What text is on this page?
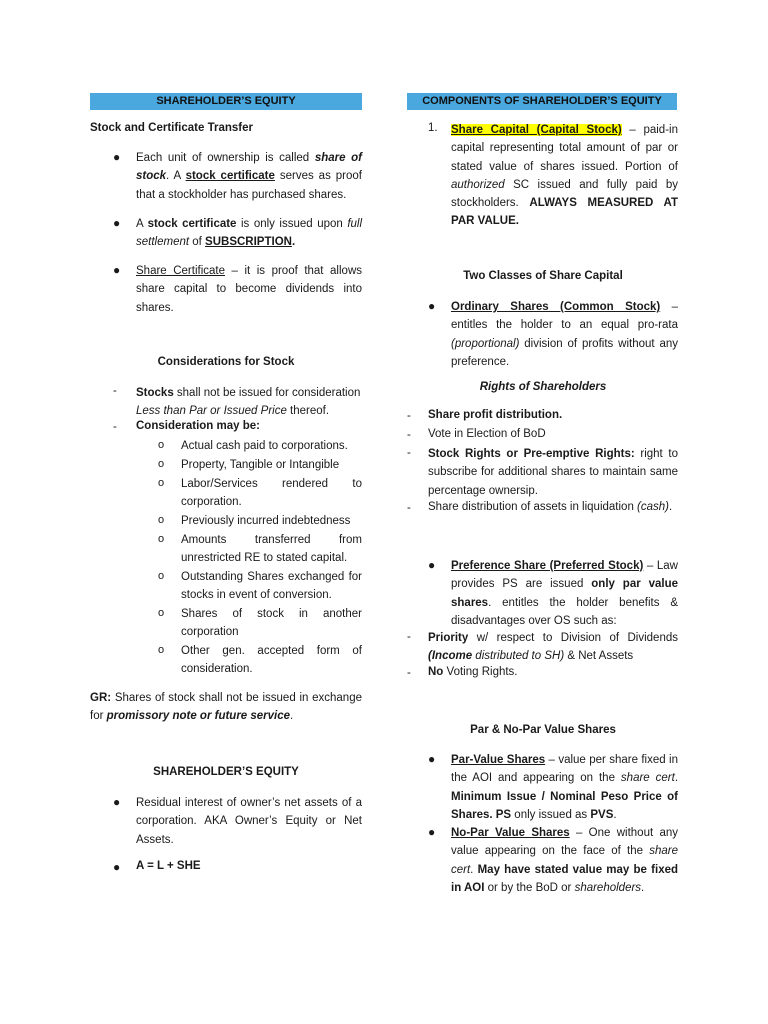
SHAREHOLDER’S EQUITY
Stock and Certificate Transfer
● Each unit of ownership is called share of stock. A stock certificate serves as proof that a stockholder has purchased shares.
● A stock certificate is only issued upon full settlement of SUBSCRIPTION.
● Share Certificate – it is proof that allows share capital to become dividends into shares.
Considerations for Stock
- Stocks shall not be issued for consideration Less than Par or Issued Price thereof.
- Consideration may be:
o Actual cash paid to corporations.
o Property, Tangible or Intangible
o Labor/Services rendered to corporation.
o Previously incurred indebtedness
o Amounts transferred from unrestricted RE to stated capital.
o Outstanding Shares exchanged for stocks in event of conversion.
o Shares of stock in another corporation
o Other gen. accepted form of consideration.
GR: Shares of stock shall not be issued in exchange for promissory note or future service.
SHAREHOLDER’S EQUITY
● Residual interest of owner’s net assets of a corporation. AKA Owner’s Equity or Net Assets.
● A = L + SHE
COMPONENTS OF SHAREHOLDER’S EQUITY
1. Share Capital (Capital Stock) – paid-in capital representing total amount of par or stated value of shares issued. Portion of authorized SC issued and fully paid by stockholders. ALWAYS MEASURED AT PAR VALUE.
Two Classes of Share Capital
● Ordinary Shares (Common Stock) – entitles the holder to an equal pro-rata (proportional) division of profits without any preference.
Rights of Shareholders
- Share profit distribution.
- Vote in Election of BoD
- Stock Rights or Pre-emptive Rights: right to subscribe for additional shares to maintain same percentage ownersip.
- Share distribution of assets in liquidation (cash).
● Preference Share (Preferred Stock) – Law provides PS are issued only par value shares. entitles the holder benefits & disadvantages over OS such as:
- Priority w/ respect to Division of Dividends (Income distributed to SH) & Net Assets
- No Voting Rights.
Par & No-Par Value Shares
● Par-Value Shares – value per share fixed in the AOI and appearing on the share cert. Minimum Issue / Nominal Peso Price of Shares. PS only issued as PVS.
● No-Par Value Shares – One without any value appearing on the face of the share cert. May have stated value may be fixed in AOI or by the BoD or shareholders.
